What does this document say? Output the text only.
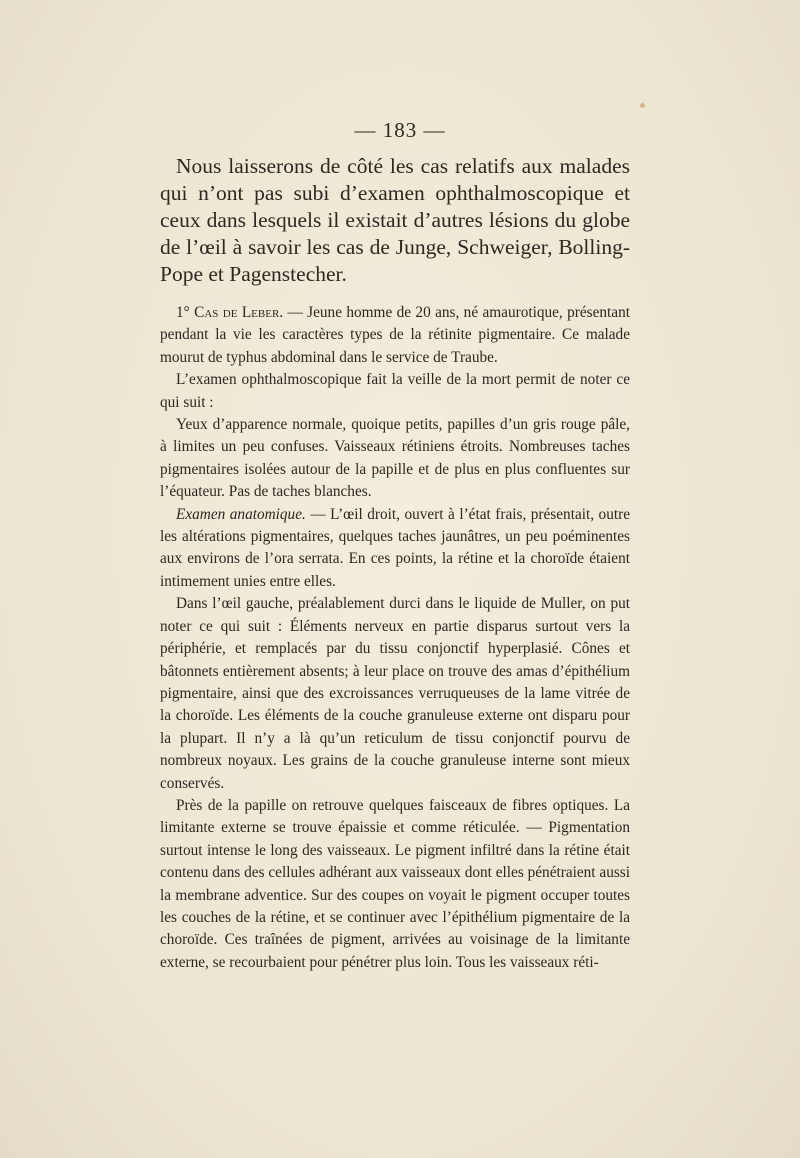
— 183 —

Nous laisserons de côté les cas relatifs aux malades qui n’ont pas subi d’examen ophthalmoscopique et ceux dans lesquels il existait d’autres lésions du globe de l’œil à savoir les cas de Junge, Schweiger, Bolling-Pope et Pagenstecher.

1° Cas de Leber. — Jeune homme de 20 ans, né amaurotique, présentant pendant la vie les caractères types de la rétinite pigmentaire. Ce malade mourut de typhus abdominal dans le service de Traube.

L’examen ophthalmoscopique fait la veille de la mort permit de noter ce qui suit :

Yeux d’apparence normale, quoique petits, papilles d’un gris rouge pâle, à limites un peu confuses. Vaisseaux rétiniens étroits. Nombreuses taches pigmentaires isolées autour de la papille et de plus en plus confluentes sur l’équateur. Pas de taches blanches.

Examen anatomique. — L’œil droit, ouvert à l’état frais, présentait, outre les altérations pigmentaires, quelques taches jaunâtres, un peu poéminentes aux environs de l’ora serrata. En ces points, la rétine et la choroïde étaient intimement unies entre elles.

Dans l’œil gauche, préalablement durci dans le liquide de Muller, on put noter ce qui suit : Éléments nerveux en partie disparus surtout vers la périphérie, et remplacés par du tissu conjonctif hyperplasié. Cônes et bâtonnets entièrement absents; à leur place on trouve des amas d’épithélium pigmentaire, ainsi que des excroissances verruqueuses de la lame vitrée de la choroïde. Les éléments de la couche granuleuse externe ont disparu pour la plupart. Il n’y a là qu’un reticulum de tissu conjonctif pourvu de nombreux noyaux. Les grains de la couche granuleuse interne sont mieux conservés.

Près de la papille on retrouve quelques faisceaux de fibres optiques. La limitante externe se trouve épaissie et comme réticulée. — Pigmentation surtout intense le long des vaisseaux. Le pigment infiltré dans la rétine était contenu dans des cellules adhérant aux vaisseaux dont elles pénétraient aussi la membrane adventice. Sur des coupes on voyait le pigment occuper toutes les couches de la rétine, et se continuer avec l’épithélium pigmentaire de la choroïde. Ces traînées de pigment, arrivées au voisinage de la limitante externe, se recourbaient pour pénétrer plus loin. Tous les vaisseaux réti-
